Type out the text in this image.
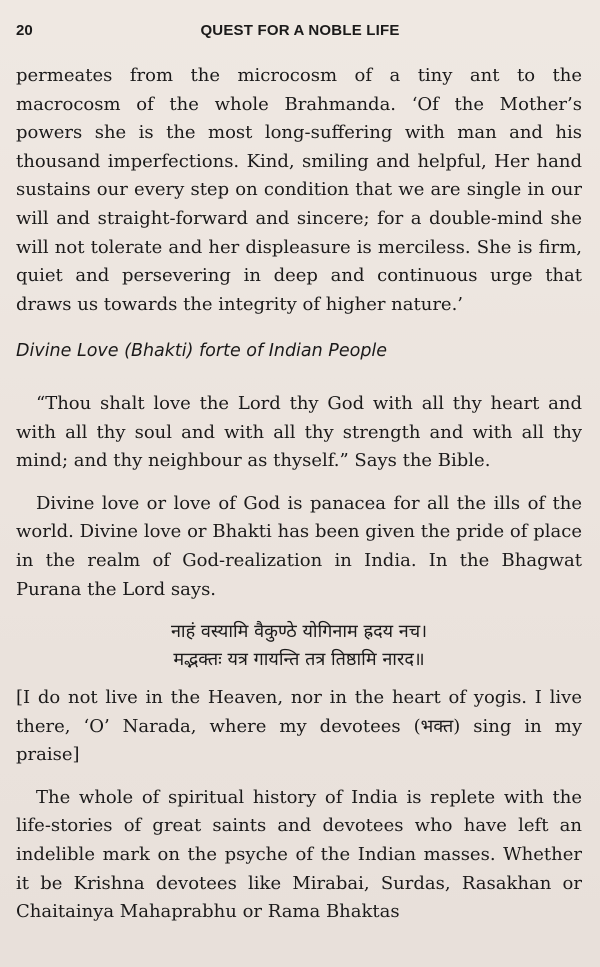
20	QUEST FOR A NOBLE LIFE

permeates from the microcosm of a tiny ant to the macrocosm of the whole Brahmanda. ‘Of the Mother’s powers she is the most long-suffering with man and his thousand imperfections. Kind, smiling and helpful, Her hand sustains our every step on condition that we are single in our will and straight-forward and sincere; for a double-mind she will not tolerate and her displeasure is merciless. She is firm, quiet and persevering in deep and continuous urge that draws us towards the integrity of higher nature.’

Divine Love (Bhakti) forte of Indian People

“Thou shalt love the Lord thy God with all thy heart and with all thy soul and with all thy strength and with all thy mind; and thy neighbour as thyself.” Says the Bible.

Divine love or love of God is panacea for all the ills of the world. Divine love or Bhakti has been given the pride of place in the realm of God-realization in India. In the Bhagwat Purana the Lord says.

नाहं वस्यामि वैकुण्ठे योगिनाम ह्रदय नच।
मद्भक्तः यत्र गायन्ति तत्र तिष्ठामि नारद॥

[I do not live in the Heaven, nor in the heart of yogis. I live there, ‘O’ Narada, where my devotees (भक्त) sing in my praise]

The whole of spiritual history of India is replete with the life-stories of great saints and devotees who have left an indelible mark on the psyche of the Indian masses. Whether it be Krishna devotees like Mirabai, Surdas, Rasakhan or Chaitainya Mahaprabhu or Rama Bhaktas
